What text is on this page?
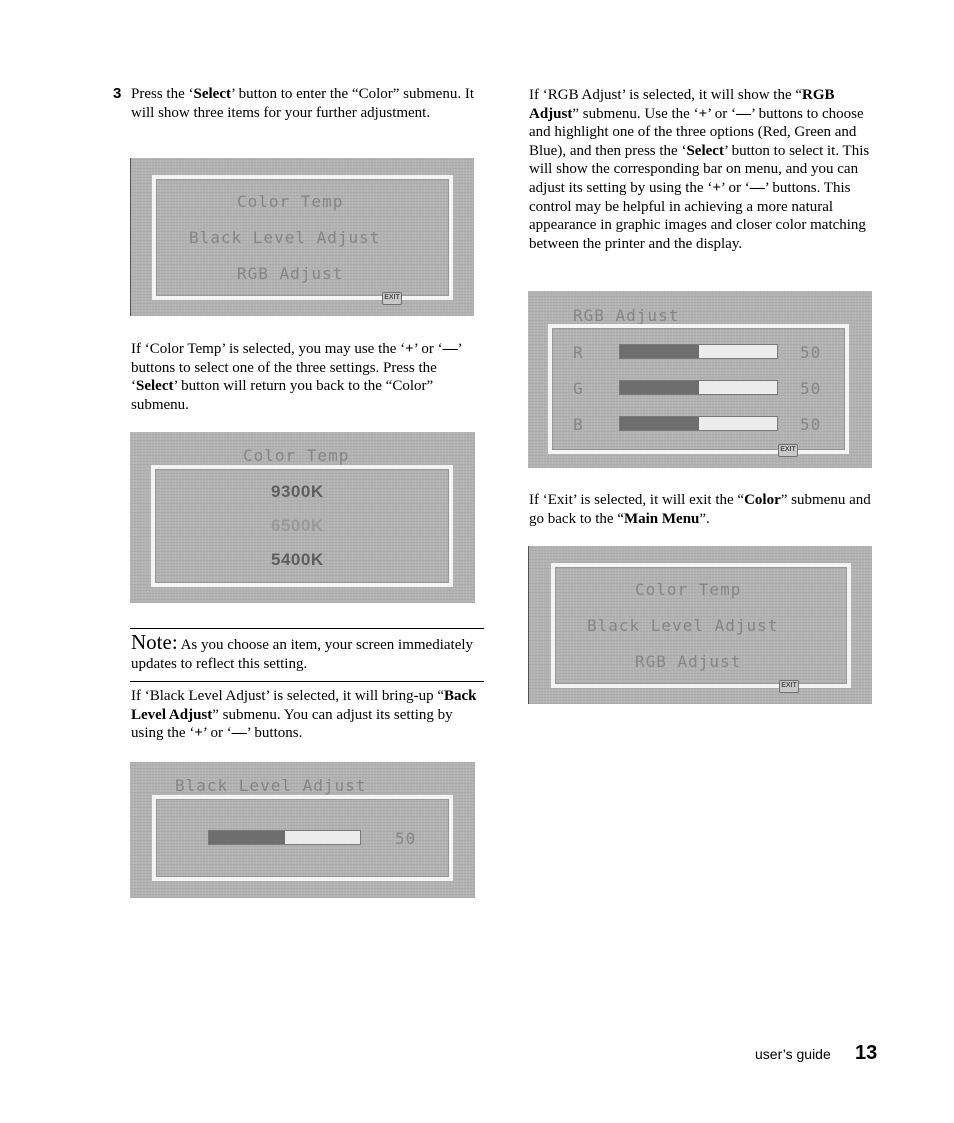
3 Press the ‘Select’ button to enter the “Color” submenu. It will show three items for your further adjustment.

Color Temp
Black Level Adjust
RGB Adjust
EXIT

If ‘Color Temp’ is selected, you may use the ‘+’ or ‘—’ buttons to select one of the three settings. Press the ‘Select’ button will return you back to the “Color” submenu.

Color Temp
9300K
6500K
5400K

Note: As you choose an item, your screen immediately updates to reflect this setting.

If ‘Black Level Adjust’ is selected, it will bring-up “Back Level Adjust” submenu. You can adjust its setting by using the ‘+’ or ‘—’ buttons.

Black Level Adjust
50

If ‘RGB Adjust’ is selected, it will show the “RGB Adjust” submenu. Use the ‘+’ or ‘—’ buttons to choose and highlight one of the three options (Red, Green and Blue), and then press the ‘Select’ button to select it. This will show the corresponding bar on menu, and you can adjust its setting by using the ‘+’ or ‘—’ buttons. This control may be helpful in achieving a more natural appearance in graphic images and closer color matching between the printer and the display.

RGB Adjust
R	50
G	50
B	50
EXIT

If ‘Exit’ is selected, it will exit the “Color” submenu and go back to the “Main Menu”.

Color Temp
Black Level Adjust
RGB Adjust
EXIT
user’s guide 13
